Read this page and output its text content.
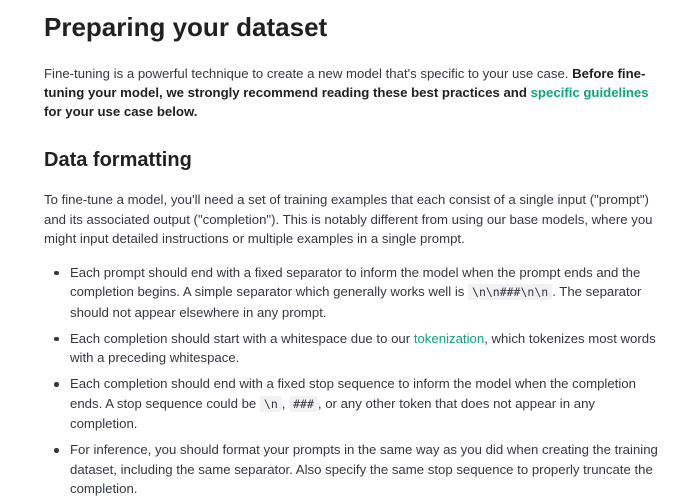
Preparing your dataset

Fine-tuning is a powerful technique to create a new model that's specific to your use case. Before fine-tuning your model, we strongly recommend reading these best practices and specific guidelines for your use case below.

Data formatting

To fine-tune a model, you'll need a set of training examples that each consist of a single input ("prompt") and its associated output ("completion"). This is notably different from using our base models, where you might input detailed instructions or multiple examples in a single prompt.

Each prompt should end with a fixed separator to inform the model when the prompt ends and the completion begins. A simple separator which generally works well is \n\n###\n\n . The separator should not appear elsewhere in any prompt.
Each completion should start with a whitespace due to our tokenization, which tokenizes most words with a preceding whitespace.
Each completion should end with a fixed stop sequence to inform the model when the completion ends. A stop sequence could be \n , ### , or any other token that does not appear in any completion.
For inference, you should format your prompts in the same way as you did when creating the training dataset, including the same separator. Also specify the same stop sequence to properly truncate the completion.
